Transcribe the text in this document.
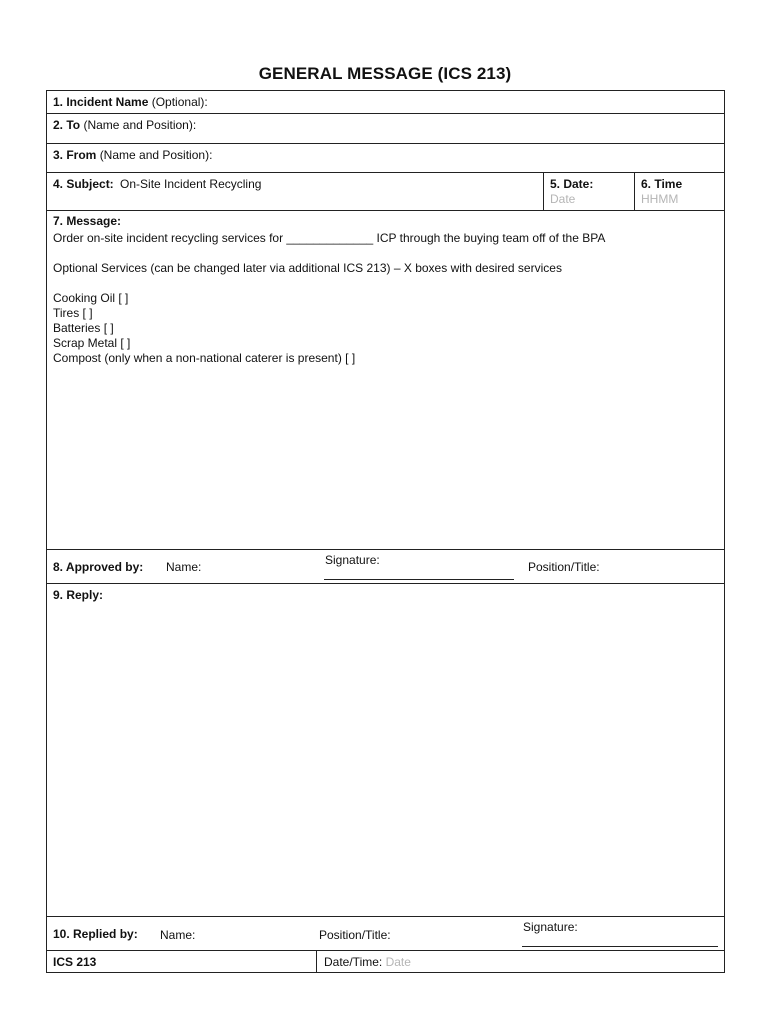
GENERAL MESSAGE (ICS 213)
1. Incident Name (Optional):
2. To (Name and Position):
3. From (Name and Position):
4. Subject: On-Site Incident Recycling	5. Date:
Date
6. Time
HHMM
7. Message:
Order on-site incident recycling services for _____________ ICP through the buying team off of the BPA
Optional Services (can be changed later via additional ICS 213) – X boxes with desired services
Cooking Oil [ ]
Tires [ ]
Batteries [ ]
Scrap Metal [ ]
Compost (only when a non-national caterer is present) [ ]
8. Approved by: Name:	Signature:	Position/Title:
9. Reply:
10. Replied by: Name:	Position/Title:
Signature:
ICS 213	Date/Time: Date
